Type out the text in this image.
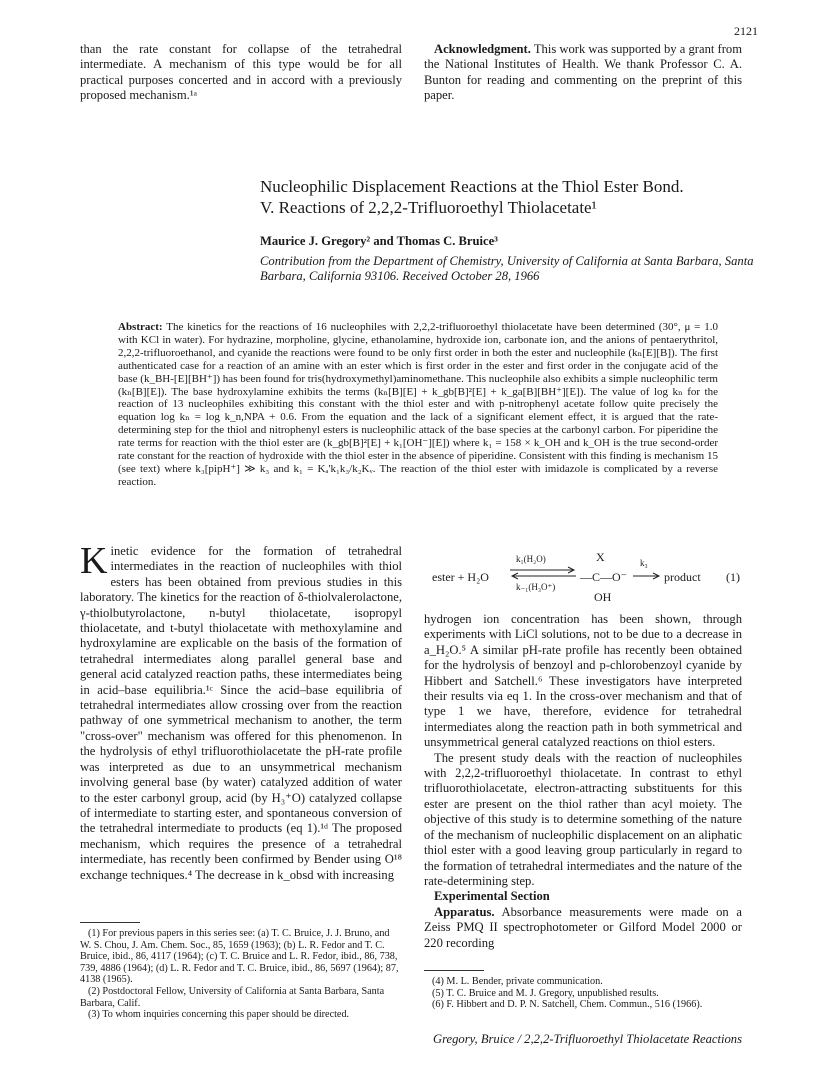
2121

than the rate constant for collapse of the tetrahedral intermediate. A mechanism of this type would be for all practical purposes concerted and in accord with a previously proposed mechanism.¹ᵃ

Acknowledgment. This work was supported by a grant from the National Institutes of Health. We thank Professor C. A. Bunton for reading and commenting on the preprint of this paper.

Nucleophilic Displacement Reactions at the Thiol Ester Bond.
V. Reactions of 2,2,2-Trifluoroethyl Thiolacetate¹
Maurice J. Gregory² and Thomas C. Bruice³
Contribution from the Department of Chemistry, University of California at Santa Barbara, Santa Barbara, California 93106. Received October 28, 1966
Abstract: The kinetics for the reactions of 16 nucleophiles with 2,2,2-trifluoroethyl thiolacetate have been determined (30°, μ = 1.0 with KCl in water). For hydrazine, morpholine, glycine, ethanolamine, hydroxide ion, carbonate ion, and the anions of pentaerythritol, 2,2,2-trifluoroethanol, and cyanide the reactions were found to be only first order in both the ester and nucleophile (kₙ[E][B]). The first authenticated case for a reaction of an amine with an ester which is first order in the ester and first order in the conjugate acid of the base (k_BH-[E][BH⁺]) has been found for tris(hydroxymethyl)aminomethane. This nucleophile also exhibits a simple nucleophilic term (kₙ[B][E]). The base hydroxylamine exhibits the terms (kₙ[B][E] + k_gb[B]²[E] + k_ga[B][BH⁺][E]). The value of log kₙ for the reaction of 13 nucleophiles exhibiting this constant with the thiol ester and with p-nitrophenyl acetate follow quite precisely the equation log kₙ = log k_n,NPA + 0.6. From the equation and the lack of a significant element effect, it is argued that the rate-determining step for the thiol and nitrophenyl esters is nucleophilic attack of the base species at the carbonyl carbon. For piperidine the rate terms for reaction with the thiol ester are (k_gb[B]²[E] + k₁[OH⁻][E]) where k₁ = 158 × k_OH and k_OH is the true second-order rate constant for the reaction of hydroxide with the thiol ester in the absence of piperidine. Consistent with this finding is mechanism 15 (see text) where k₃[pipH⁺] ≫ k₃ and k₁ = Kₐ'k₁k₃/k₂Kᵥ. The reaction of the thiol ester with imidazole is complicated by a reverse reaction.

Kinetic evidence for the formation of tetrahedral intermediates in the reaction of nucleophiles with thiol esters has been obtained from previous studies in this laboratory. The kinetics for the reaction of δ-thiolvalerolactone, γ-thiolbutyrolactone, n-butyl thiolacetate, isopropyl thiolacetate, and t-butyl thiolacetate with methoxylamine and hydroxylamine are explicable on the basis of the formation of tetrahedral intermediates along parallel general base and general acid catalyzed reaction paths, these intermediates being in acid–base equilibria.¹ᶜ Since the acid–base equilibria of tetrahedral intermediates allow crossing over from the reaction pathway of one symmetrical mechanism to another, the term "cross-over" mechanism was offered for this phenomenon. In the hydrolysis of ethyl trifluorothiolacetate the pH-rate profile was interpreted as due to an unsymmetrical mechanism involving general base (by water) catalyzed addition of water to the ester carbonyl group, acid (by H₃⁺O) catalyzed collapse of intermediate to starting ester, and spontaneous conversion of the tetrahedral intermediate to products (eq 1).¹ᵈ The proposed mechanism, which requires the presence of a tetrahedral intermediate, has recently been confirmed by Bender using O¹⁸ exchange techniques.⁴ The decrease in k_obsd with increasing

(1) For previous papers in this series see: (a) T. C. Bruice, J. J. Bruno, and W. S. Chou, J. Am. Chem. Soc., 85, 1659 (1963); (b) L. R. Fedor and T. C. Bruice, ibid., 86, 4117 (1964); (c) T. C. Bruice and L. R. Fedor, ibid., 86, 738, 739, 4886 (1964); (d) L. R. Fedor and T. C. Bruice, ibid., 86, 5697 (1964); 87, 4138 (1965).
(2) Postdoctoral Fellow, University of California at Santa Barbara, Santa Barbara, Calif.
(3) To whom inquiries concerning this paper should be directed.
ester + H₂O
k₁(H₂O)
k₋₁(H₃O⁺)
X
—C—O⁻
OH
k₃
product (1)

hydrogen ion concentration has been shown, through experiments with LiCl solutions, not to be due to a decrease in a_H₂O.⁵ A similar pH-rate profile has recently been obtained for the hydrolysis of benzoyl and p-chlorobenzoyl cyanide by Hibbert and Satchell.⁶ These investigators have interpreted their results via eq 1. In the cross-over mechanism and that of type 1 we have, therefore, evidence for tetrahedral intermediates along the reaction path in both symmetrical and unsymmetrical general catalyzed reactions on thiol esters.

The present study deals with the reaction of nucleophiles with 2,2,2-trifluoroethyl thiolacetate. In contrast to ethyl trifluorothiolacetate, electron-attracting substituents for this ester are present on the thiol rather than acyl moiety. The objective of this study is to determine something of the nature of the mechanism of nucleophilic displacement on an aliphatic thiol ester with a good leaving group particularly in regard to the formation of tetrahedral intermediates and the nature of the rate-determining step.

Experimental Section

Apparatus. Absorbance measurements were made on a Zeiss PMQ II spectrophotometer or Gilford Model 2000 or 220 recording

(4) M. L. Bender, private communication.
(5) T. C. Bruice and M. J. Gregory, unpublished results.
(6) F. Hibbert and D. P. N. Satchell, Chem. Commun., 516 (1966).
Gregory, Bruice / 2,2,2-Trifluoroethyl Thiolacetate Reactions
